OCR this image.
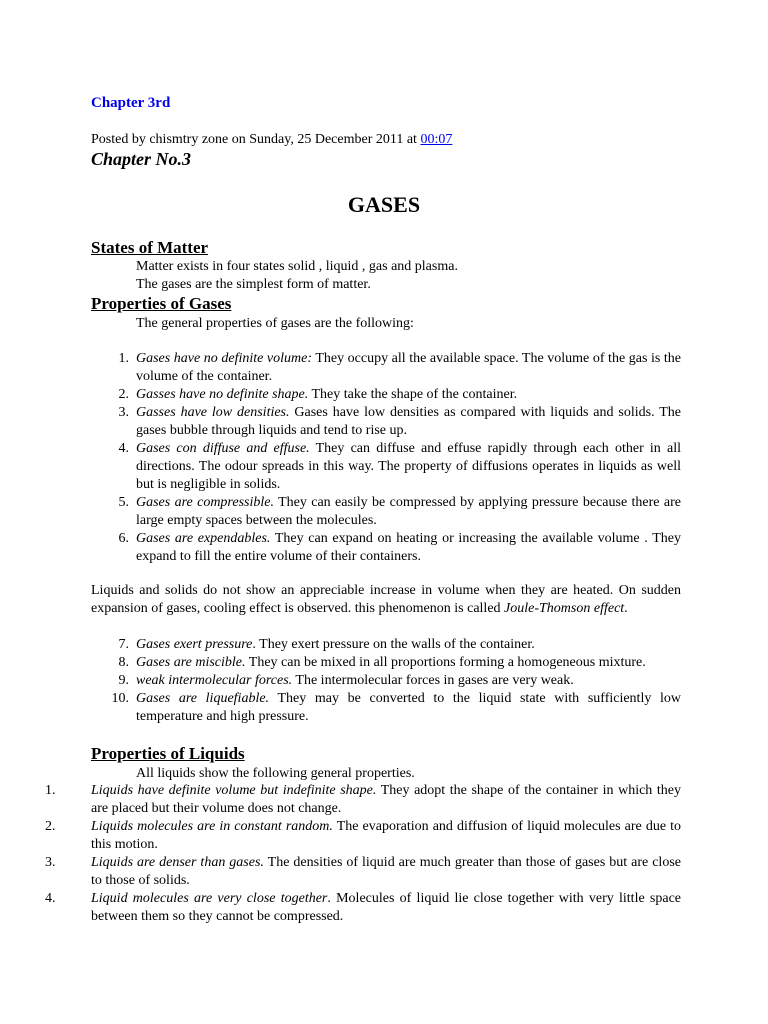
Chapter 3rd
Posted by chismtry zone on Sunday, 25 December 2011 at 00:07
Chapter No.3
GASES
States of Matter
Matter exists in four states solid , liquid , gas and plasma.
The gases are the simplest form of matter.
Properties of Gases
The general properties of gases are the following:
1. Gases have no definite volume: They occupy all the available space. The volume of the gas is the volume of the container.
2. Gasses have no definite shape. They take the shape of the container.
3. Gasses have low densities. Gases have low densities as compared with liquids and solids. The gases bubble through liquids and tend to rise up.
4. Gases con diffuse and effuse. They can diffuse and effuse rapidly through each other in all directions. The odour spreads in this way. The property of diffusions operates in liquids as well but is negligible in solids.
5. Gases are compressible. They can easily be compressed by applying pressure because there are large empty spaces between the molecules.
6. Gases are expendables. They can expand on heating or increasing the available volume . They expand to fill the entire volume of their containers.
Liquids and solids do not show an appreciable increase in volume when they are heated. On sudden expansion of gases, cooling effect is observed. this phenomenon is called Joule-Thomson effect.
7. Gases exert pressure. They exert pressure on the walls of the container.
8. Gases are miscible. They can be mixed in all proportions forming a homogeneous mixture.
9. weak intermolecular forces. The intermolecular forces in gases are very weak.
10. Gases are liquefiable. They may be converted to the liquid state with sufficiently low temperature and high pressure.
Properties of Liquids
All liquids show the following general properties.
1.	Liquids have definite volume but indefinite shape. They adopt the shape of the container in which they are placed but their volume does not change.
2.	Liquids molecules are in constant random. The evaporation and diffusion of liquid molecules are due to this motion.
3.	Liquids are denser than gases. The densities of liquid are much greater than those of gases but are close to those of solids.
4.	Liquid molecules are very close together. Molecules of liquid lie close together with very little space between them so they cannot be compressed.
